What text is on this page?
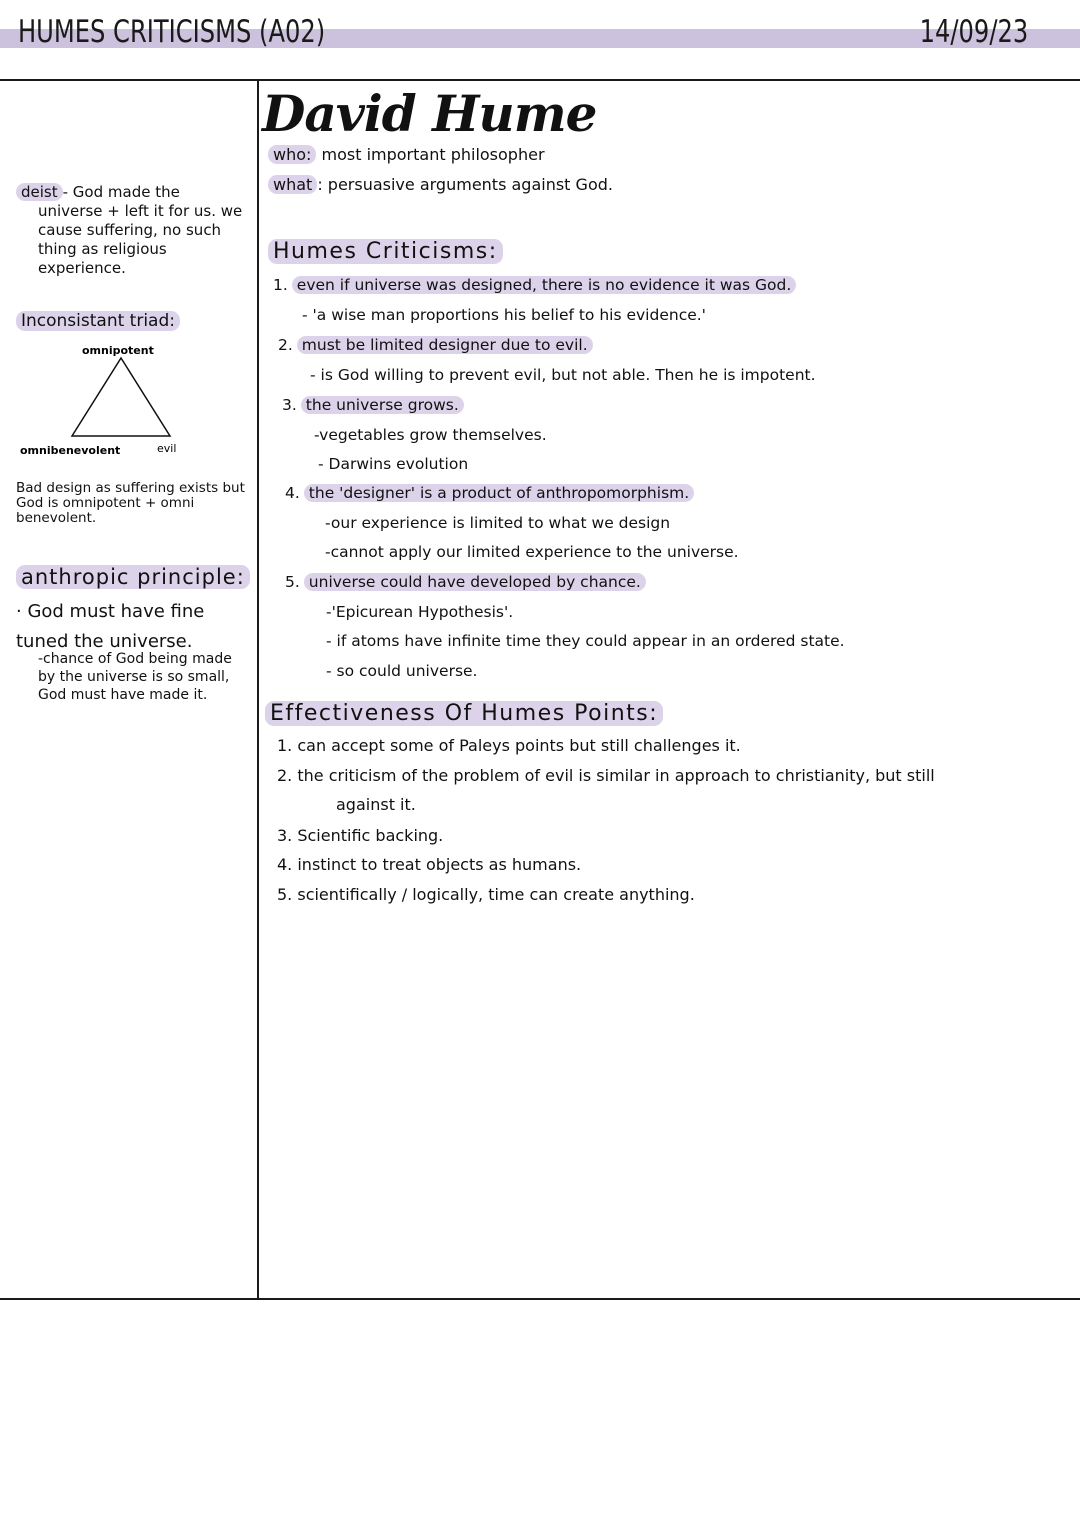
HUMES CRITICISMS (A02)	14/09/23
deist - God made the
universe + left it for us. we cause suffering, no such thing as religious experience.
Inconsistant triad:
omnipotent
omnibenevolent	evil
Bad design as suffering exists but God is omnipotent + omni benevolent.
anthropic principle:
· God must have fine tuned the universe.
-chance of God being made by the universe is so small, God must have made it.
David Hume
who: most important philosopher
what : persuasive arguments against God.
Humes Criticisms:
1. even if universe was designed, there is no evidence it was God.
- 'a wise man proportions his belief to his evidence.'
2. must be limited designer due to evil.
- is God willing to prevent evil, but not able. Then he is impotent.
3. the universe grows.
-vegetables grow themselves.
- Darwins evolution
4. the 'designer' is a product of anthropomorphism.
-our experience is limited to what we design
-cannot apply our limited experience to the universe.
5. universe could have developed by chance.
-'Epicurean Hypothesis'.
- if atoms have infinite time they could appear in an ordered state.
- so could universe.
Effectiveness Of Humes Points:
1. can accept some of Paleys points but still challenges it.
2. the criticism of the problem of evil is similar in approach to christianity, but still
against it.
3. Scientific backing.
4. instinct to treat objects as humans.
5. scientifically / logically, time can create anything.
